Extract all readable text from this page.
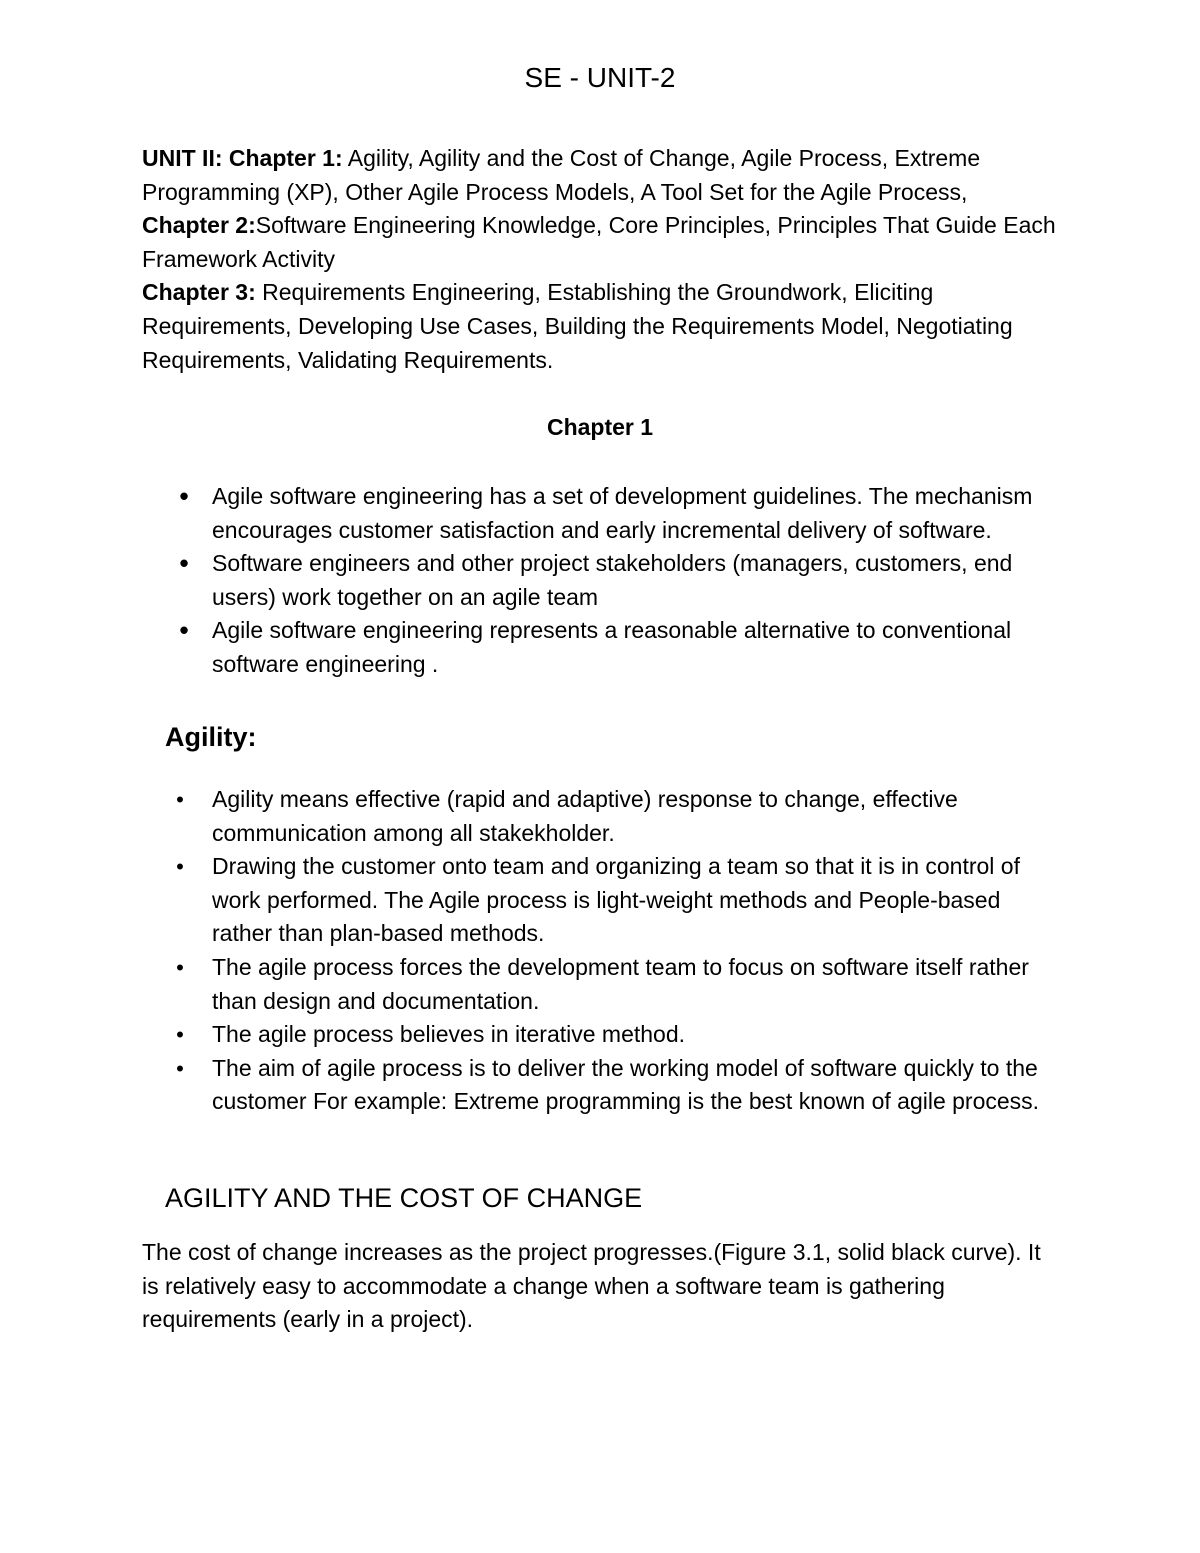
SE - UNIT-2
UNIT II: Chapter 1: Agility, Agility and the Cost of Change, Agile Process, Extreme Programming (XP), Other Agile Process Models, A Tool Set for the Agile Process,
Chapter 2:Software Engineering Knowledge, Core Principles, Principles That Guide Each Framework Activity
Chapter 3: Requirements Engineering, Establishing the Groundwork, Eliciting Requirements, Developing Use Cases, Building the Requirements Model, Negotiating Requirements, Validating Requirements.
Chapter 1
• Agile software engineering has a set of development guidelines. The mechanism encourages customer satisfaction and early incremental delivery of software.
• Software engineers and other project stakeholders (managers, customers, end users) work together on an agile team
• Agile software engineering represents a reasonable alternative to conventional software engineering .
Agility:
• Agility means effective (rapid and adaptive) response to change, effective communication among all stakekholder.
• Drawing the customer onto team and organizing a team so that it is in control of work performed. The Agile process is light-weight methods and People-based rather than plan-based methods.
• The agile process forces the development team to focus on software itself rather than design and documentation.
• The agile process believes in iterative method.
• The aim of agile process is to deliver the working model of software quickly to the customer For example: Extreme programming is the best known of agile process.
AGILITY AND THE COST OF CHANGE
The cost of change increases as the project progresses.(Figure 3.1, solid black curve). It is relatively easy to accommodate a change when a software team is gathering requirements (early in a project).
